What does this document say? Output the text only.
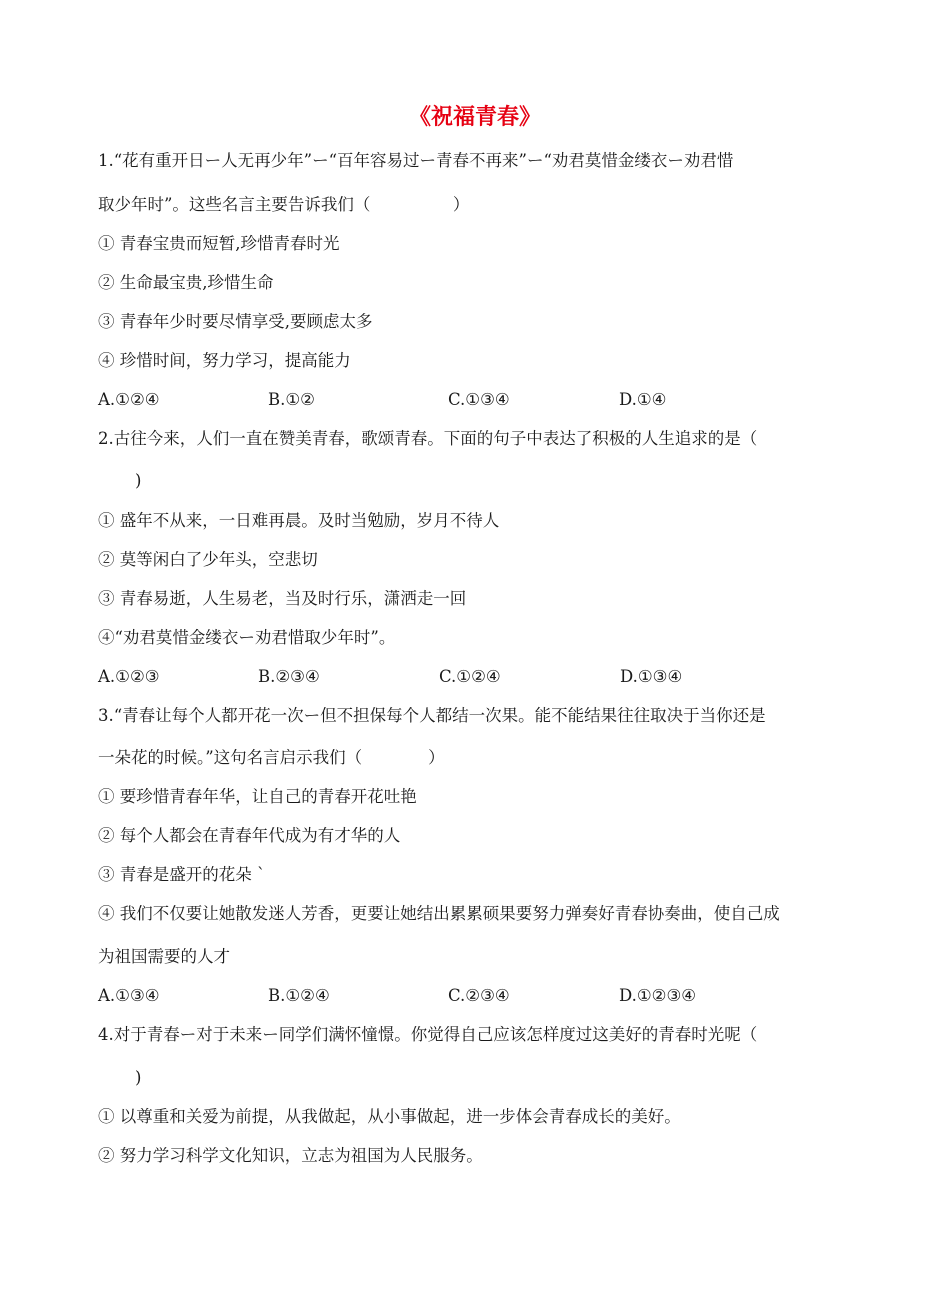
《祝福青春》
1.“花有重开日ー人无再少年”ー“百年容易过ー青春不再来”ー“劝君莫惜金缕衣ー劝君惜
取少年时”。这些名言主要告诉我们（　　　　　）
① 青春宝贵而短暂,珍惜青春时光
② 生命最宝贵,珍惜生命
③ 青春年少时要尽情享受,要顾虑太多
④ 珍惜时间，努力学习，提高能力
A.①②④	B.①②	C.①③④	D.①④
2.古往今来，人们一直在赞美青春，歌颂青春。下面的句子中表达了积极的人生追求的是（
)
① 盛年不从来，一日难再晨。及时当勉励，岁月不待人
② 莫等闲白了少年头，空悲切
③ 青春易逝，人生易老，当及时行乐，潇洒走一回
④“劝君莫惜金缕衣ー劝君惜取少年时”。
A.①②③	B.②③④	C.①②④	D.①③④
3.“青春让每个人都开花一次ー但不担保每个人都结一次果。能不能结果往往取决于当你还是
一朵花的时候。”这句名言启示我们（　　　　）
① 要珍惜青春年华，让自己的青春开花吐艳
② 每个人都会在青春年代成为有才华的人
③ 青春是盛开的花朵 `
④ 我们不仅要让她散发迷人芳香，更要让她结出累累硕果要努力弹奏好青春协奏曲，使自己成
为祖国需要的人才
A.①③④	B.①②④	C.②③④	D.①②③④
4.对于青春ー对于未来ー同学们满怀憧憬。你觉得自己应该怎样度过这美好的青春时光呢（
)
① 以尊重和关爱为前提，从我做起，从小事做起，进一步体会青春成长的美好。
② 努力学习科学文化知识，立志为祖国为人民服务。
